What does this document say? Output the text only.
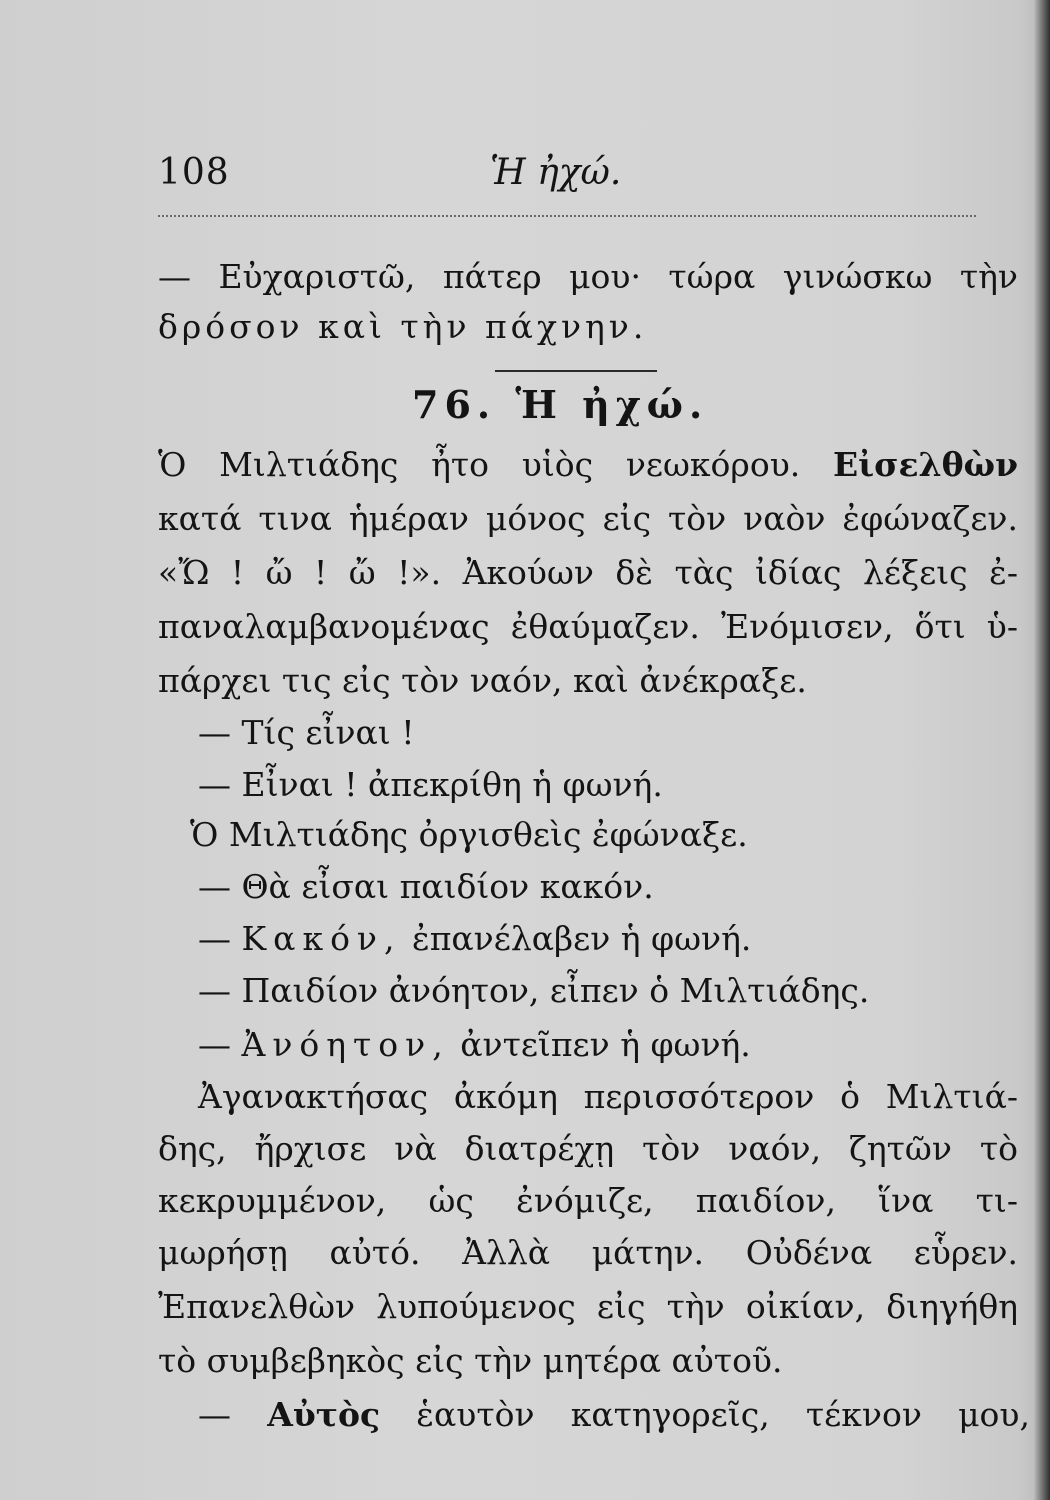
108	Ἡ ἠχώ.
— Εὐχαριστῶ, πάτερ μου· τώρα γινώσκω τὴν
δρόσον καὶ τὴν πάχνην.
76. Ἡ ἠχώ.
Ὁ Μιλτιάδης ἦτο υἱὸς νεωκόρου. Εἰσελθὼν
κατά τινα ἡμέραν μόνος εἰς τὸν ναὸν ἐφώναζεν.
«Ὤ ! ὤ ! ὤ !». Ἀκούων δὲ τὰς ἰδίας λέξεις ἐ-
παναλαμβανομένας ἐθαύμαζεν. Ἐνόμισεν, ὅτι ὑ-
πάρχει τις εἰς τὸν ναόν, καὶ ἀνέκραξε.
— Τίς εἶναι !
— Εἶναι ! ἀπεκρίθη ἡ φωνή.
Ὁ Μιλτιάδης ὀργισθεὶς ἐφώναξε.
— Θὰ εἶσαι παιδίον κακόν.
— Κακόν, ἐπανέλαβεν ἡ φωνή.
— Παιδίον ἀνόητον, εἶπεν ὁ Μιλτιάδης.
— Ἀνόητον, ἀντεῖπεν ἡ φωνή.
Ἀγανακτήσας ἀκόμη περισσότερον ὁ Μιλτιά-
δης, ἤρχισε νὰ διατρέχῃ τὸν ναόν, ζητῶν τὸ
κεκρυμμένον, ὡς ἐνόμιζε, παιδίον, ἵνα τι-
μωρήσῃ αὐτό. Ἀλλὰ μάτην. Οὐδένα εὗρεν.
Ἐπανελθὼν λυπούμενος εἰς τὴν οἰκίαν, διηγήθη
τὸ συμβεβηκὸς εἰς τὴν μητέρα αὐτοῦ.
— Αὐτὸς ἑαυτὸν κατηγορεῖς, τέκνον μου,
